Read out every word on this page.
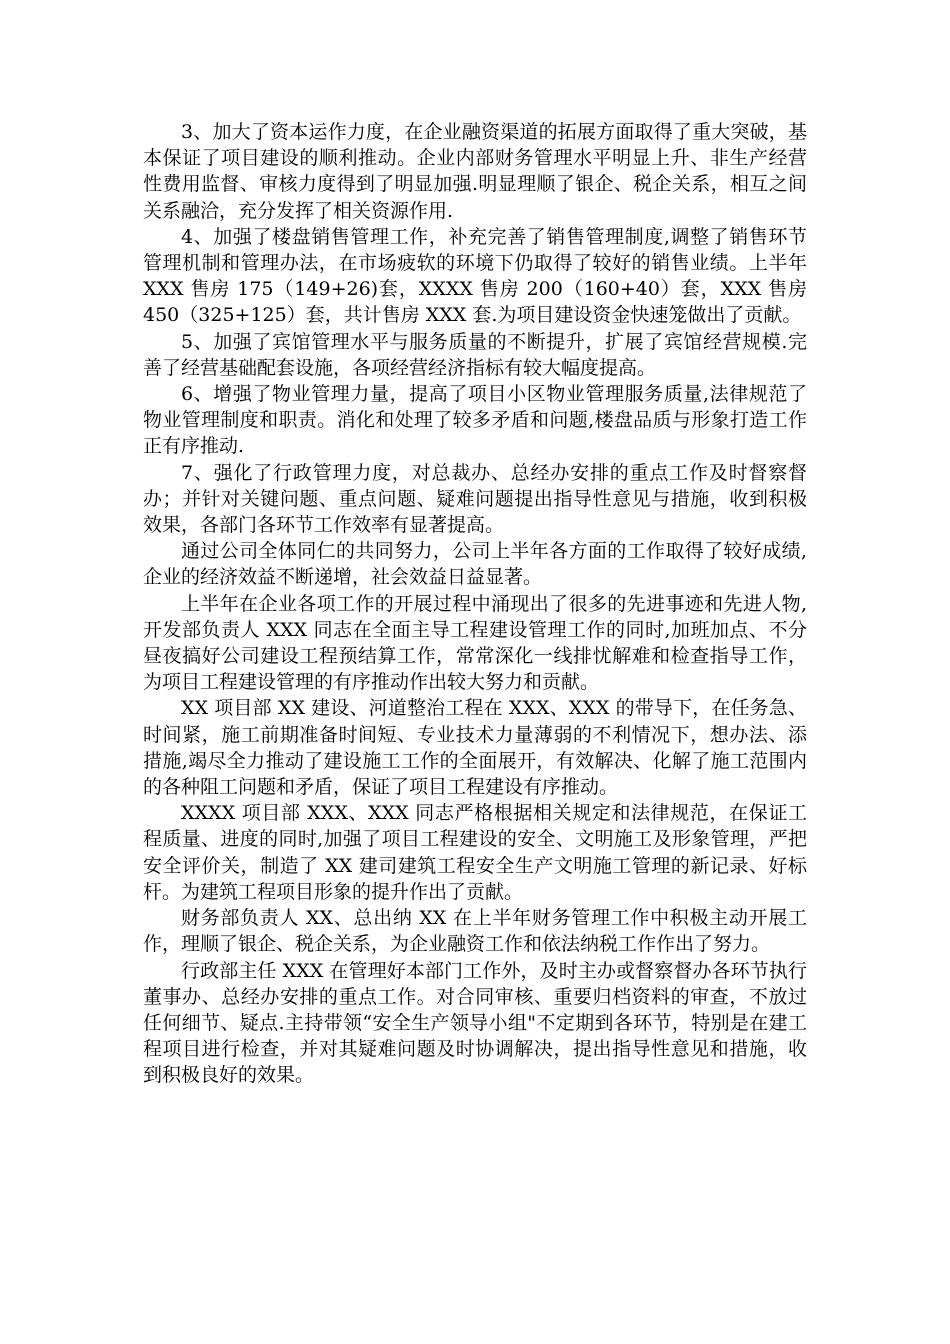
3、加大了资本运作力度，在企业融资渠道的拓展方面取得了重大突破，基本保证了项目建设的顺利推动。企业内部财务管理水平明显上升、非生产经营性费用监督、审核力度得到了明显加强.明显理顺了银企、税企关系，相互之间关系融洽，充分发挥了相关资源作用.

4、加强了楼盘销售管理工作，补充完善了销售管理制度,调整了销售环节管理机制和管理办法，在市场疲软的环境下仍取得了较好的销售业绩。上半年 XXX 售房 175（149+26)套，XXXX 售房 200（160+40）套，XXX 售房 450（325+125）套，共计售房 XXX 套.为项目建设资金快速笼做出了贡献。

5、加强了宾馆管理水平与服务质量的不断提升，扩展了宾馆经营规模.完善了经营基础配套设施，各项经营经济指标有较大幅度提高。

6、增强了物业管理力量，提高了项目小区物业管理服务质量,法律规范了物业管理制度和职责。消化和处理了较多矛盾和问题,楼盘品质与形象打造工作正有序推动.

7、强化了行政管理力度，对总裁办、总经办安排的重点工作及时督察督办；并针对关键问题、重点问题、疑难问题提出指导性意见与措施，收到积极效果，各部门各环节工作效率有显著提高。

通过公司全体同仁的共同努力，公司上半年各方面的工作取得了较好成绩,企业的经济效益不断递增，社会效益日益显著。

上半年在企业各项工作的开展过程中涌现出了很多的先进事迹和先进人物,开发部负责人 XXX 同志在全面主导工程建设管理工作的同时,加班加点、不分昼夜搞好公司建设工程预结算工作，常常深化一线排忧解难和检查指导工作，为项目工程建设管理的有序推动作出较大努力和贡献。

XX 项目部 XX 建设、河道整治工程在 XXX、XXX 的带导下，在任务急、时间紧，施工前期准备时间短、专业技术力量薄弱的不利情况下，想办法、添措施,竭尽全力推动了建设施工工作的全面展开，有效解决、化解了施工范围内的各种阻工问题和矛盾，保证了项目工程建设有序推动。

XXXX 项目部 XXX、XXX 同志严格根据相关规定和法律规范，在保证工程质量、进度的同时,加强了项目工程建设的安全、文明施工及形象管理，严把安全评价关，制造了 XX 建司建筑工程安全生产文明施工管理的新记录、好标杆。为建筑工程项目形象的提升作出了贡献。

财务部负责人 XX、总出纳 XX 在上半年财务管理工作中积极主动开展工作，理顺了银企、税企关系，为企业融资工作和依法纳税工作作出了努力。

行政部主任 XXX 在管理好本部门工作外，及时主办或督察督办各环节执行董事办、总经办安排的重点工作。对合同审核、重要归档资料的审查，不放过任何细节、疑点.主持带领“安全生产领导小组"不定期到各环节，特别是在建工程项目进行检查，并对其疑难问题及时协调解决，提出指导性意见和措施，收到积极良好的效果。
